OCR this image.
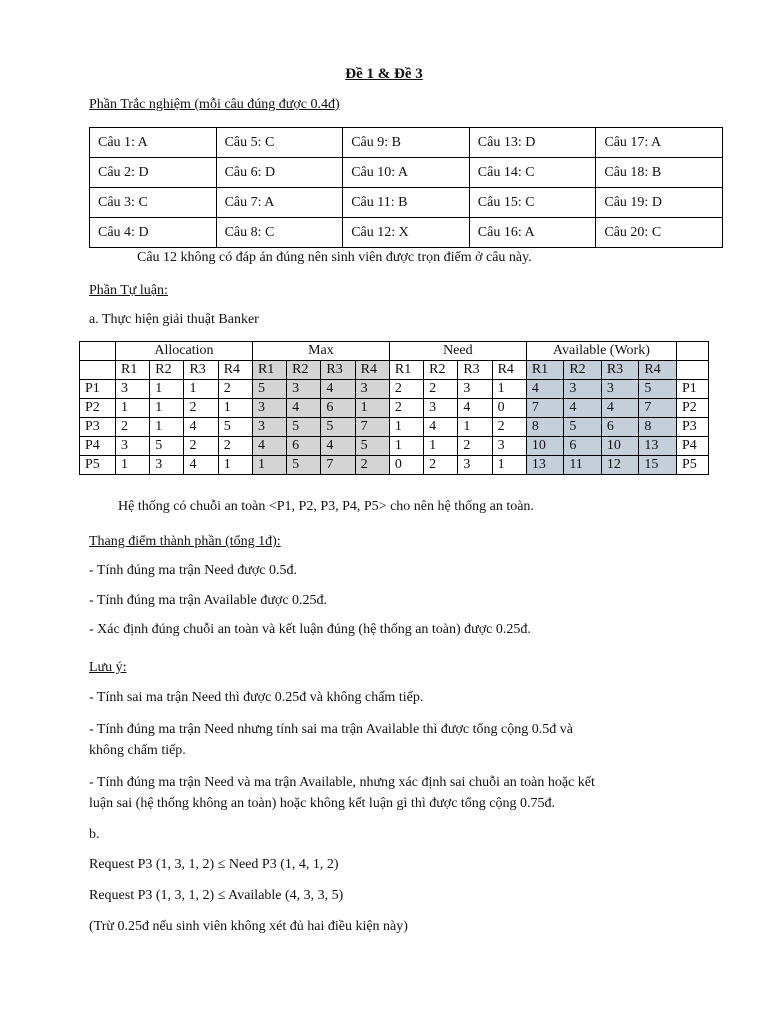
Đề 1 & Đề 3
Phần Trắc nghiệm (mỗi câu đúng được 0.4đ)
Câu 1: A	Câu 5: C	Câu 9: B	Câu 13: D	Câu 17: A
Câu 2: D	Câu 6: D	Câu 10: A	Câu 14: C	Câu 18: B
Câu 3: C	Câu 7: A	Câu 11: B	Câu 15: C	Câu 19: D
Câu 4: D	Câu 8: C	Câu 12: X	Câu 16: A	Câu 20: C
Câu 12 không có đáp án đúng nên sinh viên được trọn điểm ở câu này.
Phần Tự luận:
a. Thực hiện giải thuật Banker
	Allocation				Max				Need				Available (Work)				
	R1	R2	R3	R4	R1	R2	R3	R4	R1	R2	R3	R4	R1	R2	R3	R4	
P1	3	1	1	2	5	3	4	3	2	2	3	1	4	3	3	5	P1
P2	1	1	2	1	3	4	6	1	2	3	4	0	7	4	4	7	P2
P3	2	1	4	5	3	5	5	7	1	4	1	2	8	5	6	8	P3
P4	3	5	2	2	4	6	4	5	1	1	2	3	10	6	10	13	P4
P5	1	3	4	1	1	5	7	2	0	2	3	1	13	11	12	15	P5
Hệ thống có chuỗi an toàn <P1, P2, P3, P4, P5> cho nên hệ thống an toàn.
Thang điểm thành phần (tổng 1đ):
- Tính đúng ma trận Need được 0.5đ.
- Tính đúng ma trận Available được 0.25đ.
- Xác định đúng chuỗi an toàn và kết luận đúng (hệ thống an toàn) được 0.25đ.
Lưu ý:
- Tính sai ma trận Need thì được 0.25đ và không chấm tiếp.
- Tính đúng ma trận Need nhưng tính sai ma trận Available thì được tổng cộng 0.5đ và
không chấm tiếp.
- Tính đúng ma trận Need và ma trận Available, nhưng xác định sai chuỗi an toàn hoặc kết
luận sai (hệ thống không an toàn) hoặc không kết luận gì thì được tổng cộng 0.75đ.
b.
Request P3 (1, 3, 1, 2) ≤ Need P3 (1, 4, 1, 2)
Request P3 (1, 3, 1, 2) ≤ Available (4, 3, 3, 5)
(Trừ 0.25đ nếu sinh viên không xét đủ hai điều kiện này)
